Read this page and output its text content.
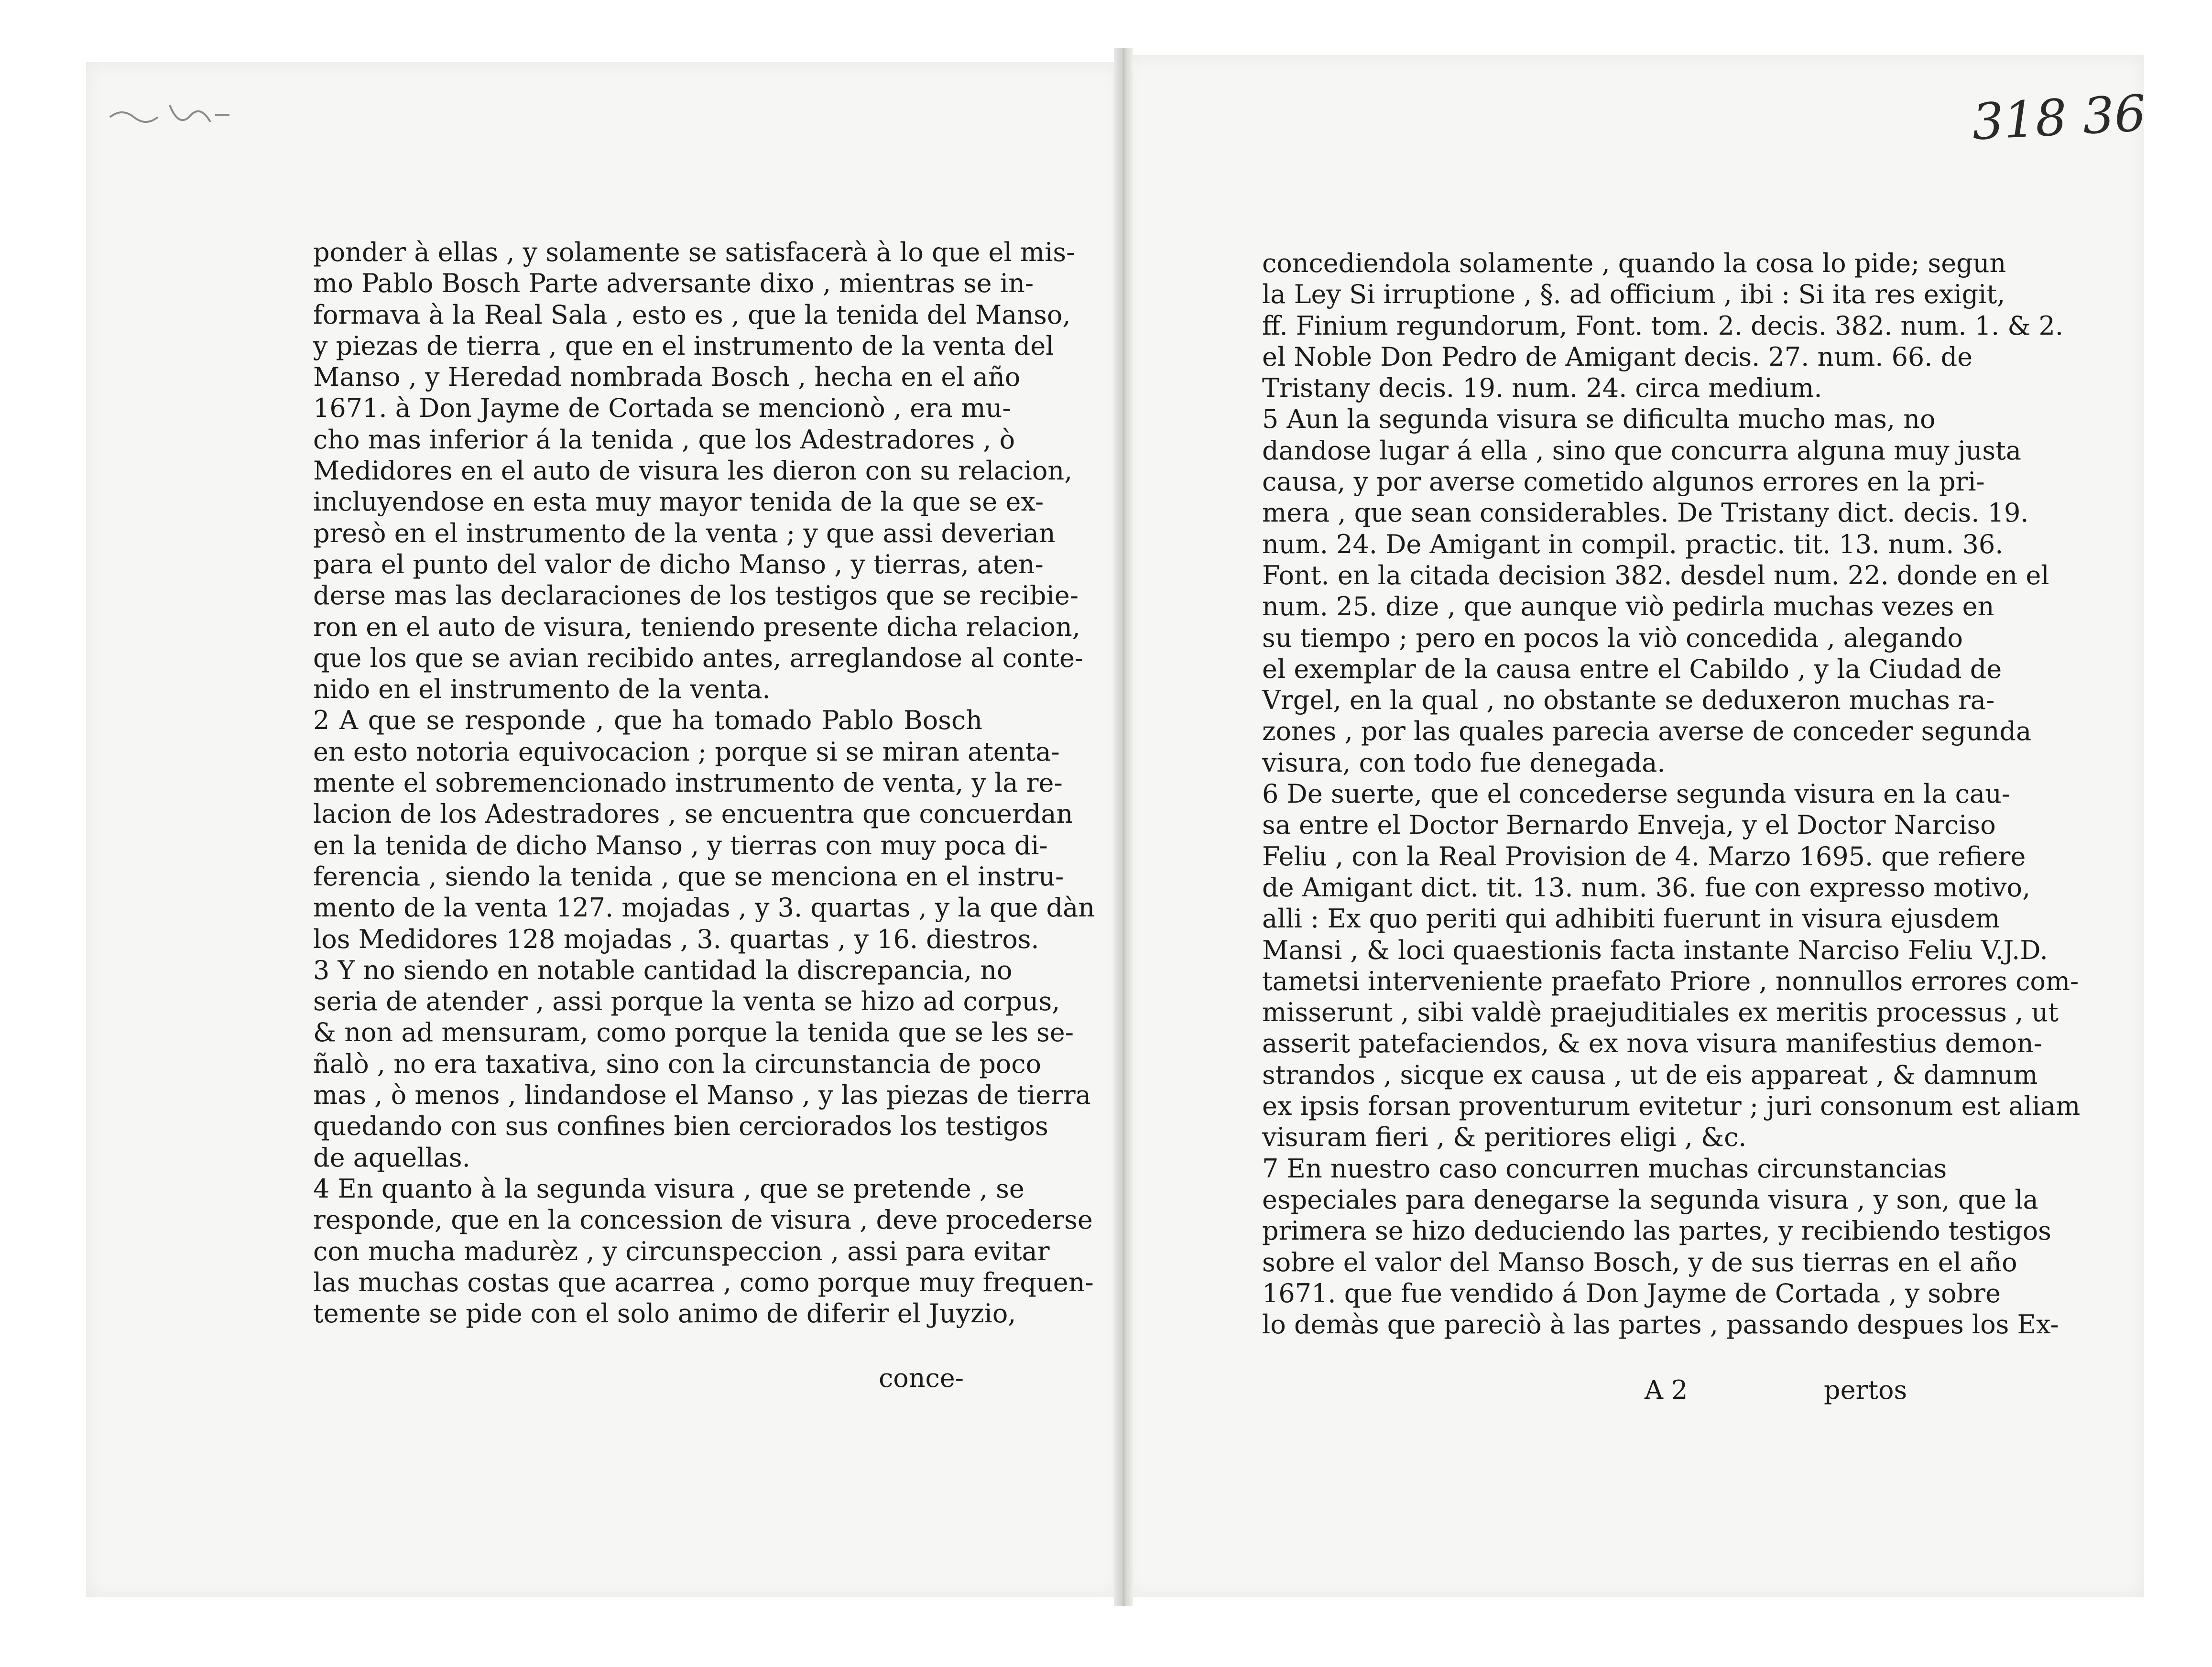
318 36
ponder à ellas , y solamente se satisfacerà à lo que el mis-
mo Pablo Bosch Parte adversante dixo , mientras se in-
formava à la Real Sala , esto es , que la tenida del Manso,
y piezas de tierra , que en el instrumento de la venta del
Manso , y Heredad nombrada Bosch , hecha en el año
1671. à Don Jayme de Cortada se mencionò , era mu-
cho mas inferior á la tenida , que los Adestradores , ò
Medidores en el auto de visura les dieron con su relacion,
incluyendose en esta muy mayor tenida de la que se ex-
presò en el instrumento de la venta ; y que assi deverian
para el punto del valor de dicho Manso , y tierras, aten-
derse mas las declaraciones de los testigos que se recibie-
ron en el auto de visura, teniendo presente dicha relacion,
que los que se avian recibido antes, arreglandose al conte-
nido en el instrumento de la venta.
2 A que se responde , que ha tomado Pablo Bosch
en esto notoria equivocacion ; porque si se miran atenta-
mente el sobremencionado instrumento de venta, y la re-
lacion de los Adestradores , se encuentra que concuerdan
en la tenida de dicho Manso , y tierras con muy poca di-
ferencia , siendo la tenida , que se menciona en el instru-
mento de la venta 127. mojadas , y 3. quartas , y la que dàn
los Medidores 128 mojadas , 3. quartas , y 16. diestros.
3 Y no siendo en notable cantidad la discrepancia, no
seria de atender , assi porque la venta se hizo ad corpus,
& non ad mensuram, como porque la tenida que se les se-
ñalò , no era taxativa, sino con la circunstancia de poco
mas , ò menos , lindandose el Manso , y las piezas de tierra
quedando con sus confines bien cerciorados los testigos
de aquellas.
4 En quanto à la segunda visura , que se pretende , se
responde, que en la concession de visura , deve procederse
con mucha madurèz , y circunspeccion , assi para evitar
las muchas costas que acarrea , como porque muy frequen-
temente se pide con el solo animo de diferir el Juyzio,
conce-
concediendola solamente , quando la cosa lo pide; segun
la Ley Si irruptione , §. ad officium , ibi : Si ita res exigit,
ff. Finium regundorum, Font. tom. 2. decis. 382. num. 1. & 2.
el Noble Don Pedro de Amigant decis. 27. num. 66. de
Tristany decis. 19. num. 24. circa medium.
5 Aun la segunda visura se dificulta mucho mas, no
dandose lugar á ella , sino que concurra alguna muy justa
causa, y por averse cometido algunos errores en la pri-
mera , que sean considerables. De Tristany dict. decis. 19.
num. 24. De Amigant in compil. practic. tit. 13. num. 36.
Font. en la citada decision 382. desdel num. 22. donde en el
num. 25. dize , que aunque viò pedirla muchas vezes en
su tiempo ; pero en pocos la viò concedida , alegando
el exemplar de la causa entre el Cabildo , y la Ciudad de
Vrgel, en la qual , no obstante se deduxeron muchas ra-
zones , por las quales parecia averse de conceder segunda
visura, con todo fue denegada.
6 De suerte, que el concederse segunda visura en la cau-
sa entre el Doctor Bernardo Enveja, y el Doctor Narciso
Feliu , con la Real Provision de 4. Marzo 1695. que refiere
de Amigant dict. tit. 13. num. 36. fue con expresso motivo,
alli : Ex quo periti qui adhibiti fuerunt in visura ejusdem
Mansi , & loci quaestionis facta instante Narciso Feliu V.J.D.
tametsi interveniente praefato Priore , nonnullos errores com-
misserunt , sibi valdè praejuditiales ex meritis processus , ut
asserit patefaciendos, & ex nova visura manifestius demon-
strandos , sicque ex causa , ut de eis appareat , & damnum
ex ipsis forsan proventurum evitetur ; juri consonum est aliam
visuram fieri , & peritiores eligi , &c.
7 En nuestro caso concurren muchas circunstancias
especiales para denegarse la segunda visura , y son, que la
primera se hizo deduciendo las partes, y recibiendo testigos
sobre el valor del Manso Bosch, y de sus tierras en el año
1671. que fue vendido á Don Jayme de Cortada , y sobre
lo demàs que pareciò à las partes , passando despues los Ex-
A 2	pertos
